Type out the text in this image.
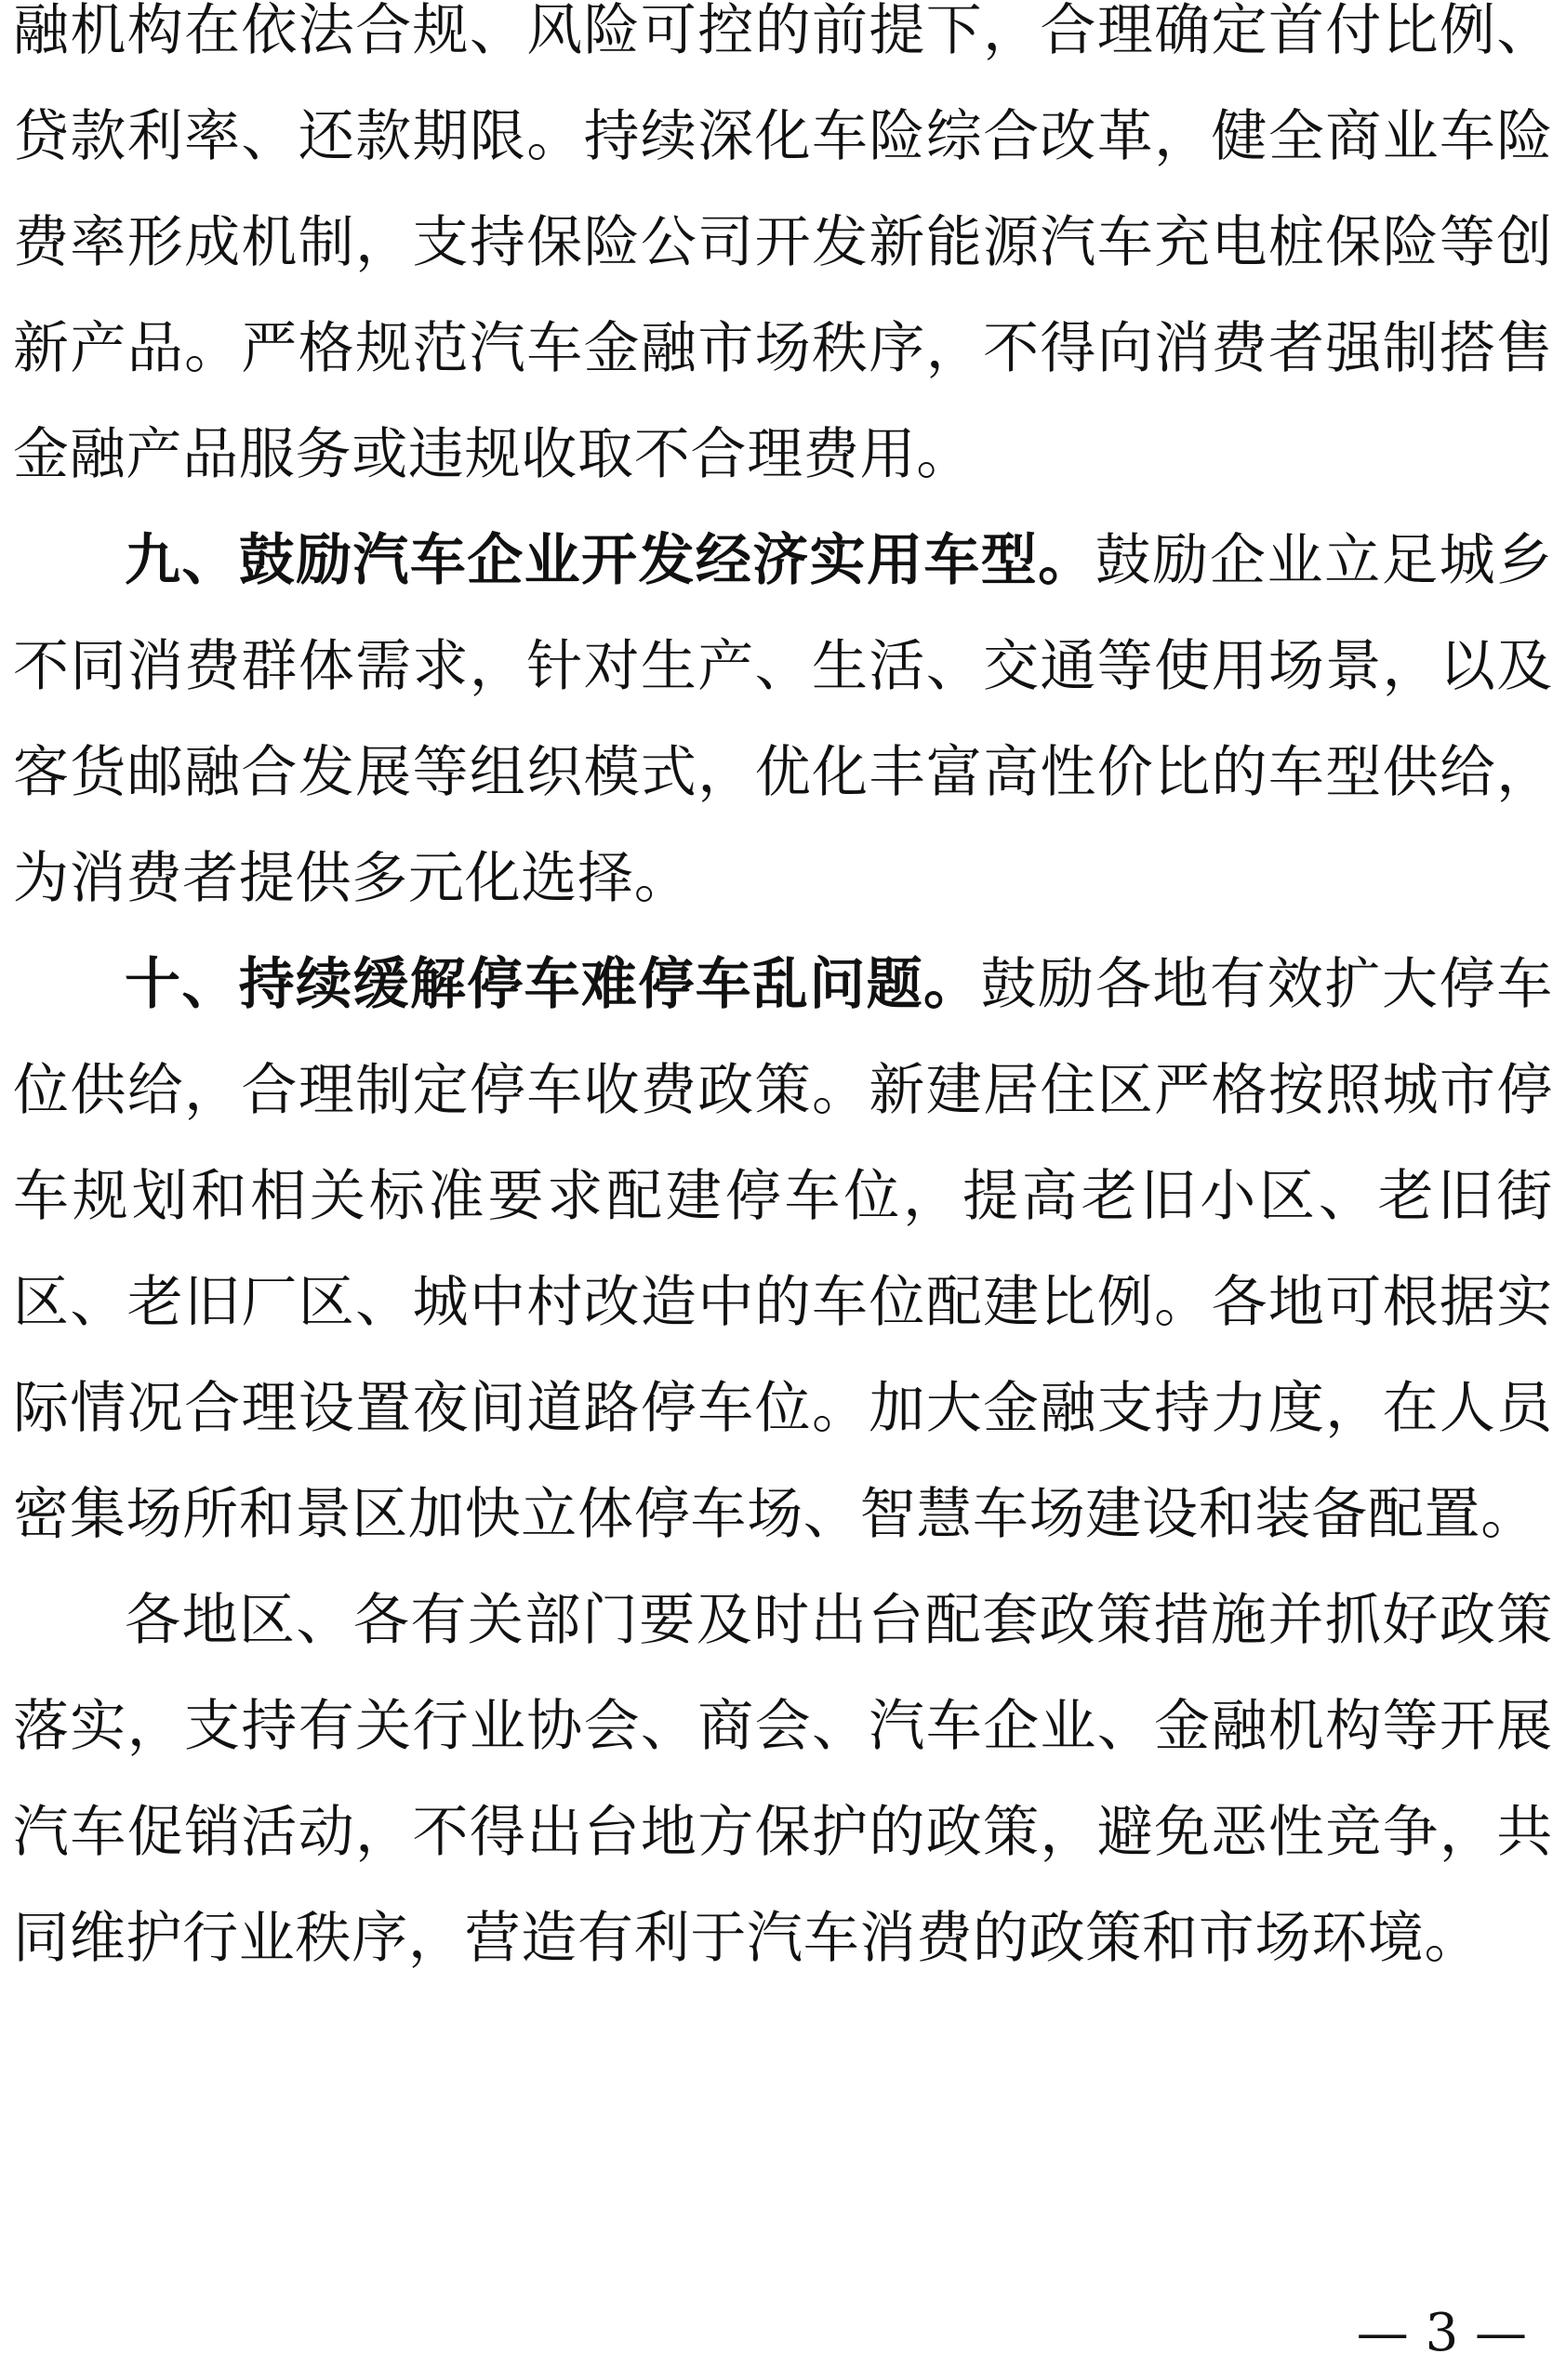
融机构在依法合规、风险可控的前提下，合理确定首付比例、贷款利率、还款期限。持续深化车险综合改革，健全商业车险费率形成机制，支持保险公司开发新能源汽车充电桩保险等创新产品。严格规范汽车金融市场秩序，不得向消费者强制搭售金融产品服务或违规收取不合理费用。

九、鼓励汽车企业开发经济实用车型。鼓励企业立足城乡不同消费群体需求，针对生产、生活、交通等使用场景，以及客货邮融合发展等组织模式，优化丰富高性价比的车型供给，为消费者提供多元化选择。

十、持续缓解停车难停车乱问题。鼓励各地有效扩大停车位供给，合理制定停车收费政策。新建居住区严格按照城市停车规划和相关标准要求配建停车位，提高老旧小区、老旧街区、老旧厂区、城中村改造中的车位配建比例。各地可根据实际情况合理设置夜间道路停车位。加大金融支持力度，在人员密集场所和景区加快立体停车场、智慧车场建设和装备配置。

各地区、各有关部门要及时出台配套政策措施并抓好政策落实，支持有关行业协会、商会、汽车企业、金融机构等开展汽车促销活动，不得出台地方保护的政策，避免恶性竞争，共同维护行业秩序，营造有利于汽车消费的政策和市场环境。

— 3 —
